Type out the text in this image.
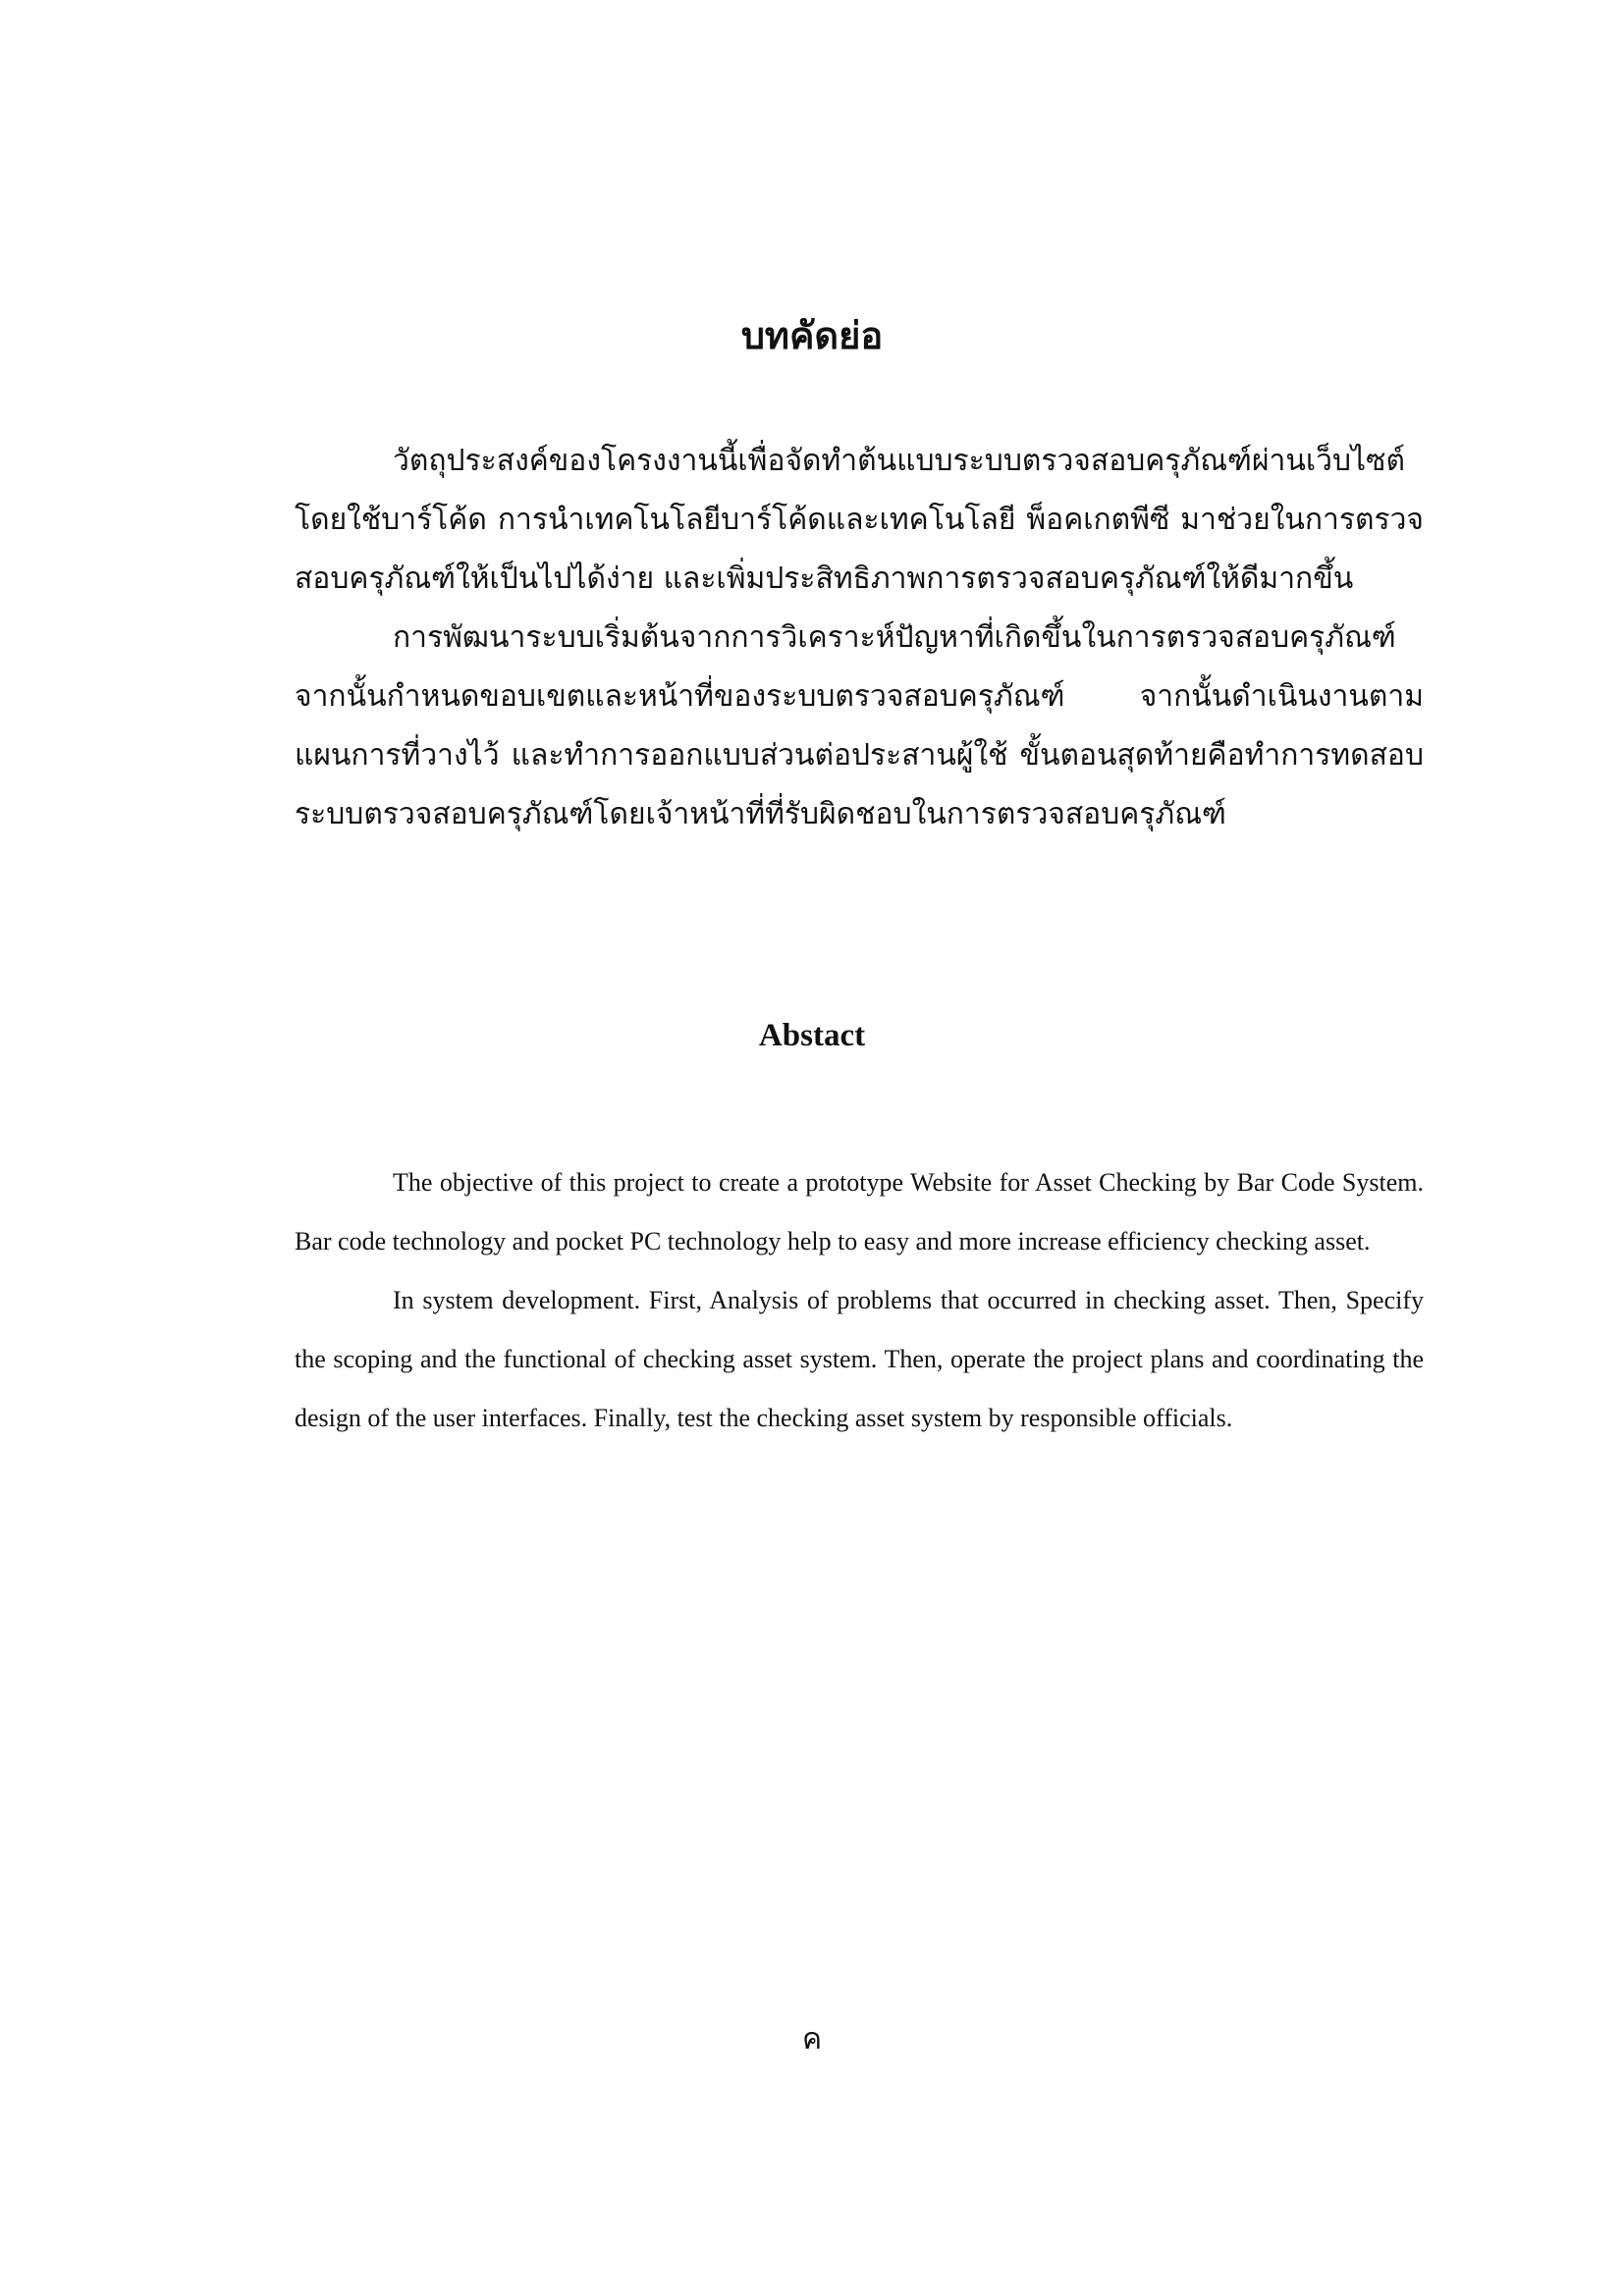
บทคัดย่อ

วัตถุประสงค์ของโครงงานนี้เพื่อจัดทำต้นแบบระบบตรวจสอบครุภัณฑ์ผ่านเว็บไซต์โดยใช้บาร์โค้ด การนำเทคโนโลยีบาร์โค้ดและเทคโนโลยี พ็อคเกตพีซี มาช่วยในการตรวจสอบครุภัณฑ์ให้เป็นไปได้ง่าย และเพิ่มประสิทธิภาพการตรวจสอบครุภัณฑ์ให้ดีมากขึ้น

การพัฒนาระบบเริ่มต้นจากการวิเคราะห์ปัญหาที่เกิดขึ้นในการตรวจสอบครุภัณฑ์ จากนั้นกำหนดขอบเขตและหน้าที่ของระบบตรวจสอบครุภัณฑ์ จากนั้นดำเนินงานตามแผนการที่วางไว้ และทำการออกแบบส่วนต่อประสานผู้ใช้ ขั้นตอนสุดท้ายคือทำการทดสอบระบบตรวจสอบครุภัณฑ์โดยเจ้าหน้าที่ที่รับผิดชอบในการตรวจสอบครุภัณฑ์

Abstact

The objective of this project to create a prototype Website for Asset Checking by Bar Code System. Bar code technology and pocket PC technology help to easy and more increase efficiency checking asset.

In system development. First, Analysis of problems that occurred in checking asset. Then, Specify the scoping and the functional of checking asset system. Then, operate the project plans and coordinating the design of the user interfaces. Finally, test the checking asset system by responsible officials.

ค
